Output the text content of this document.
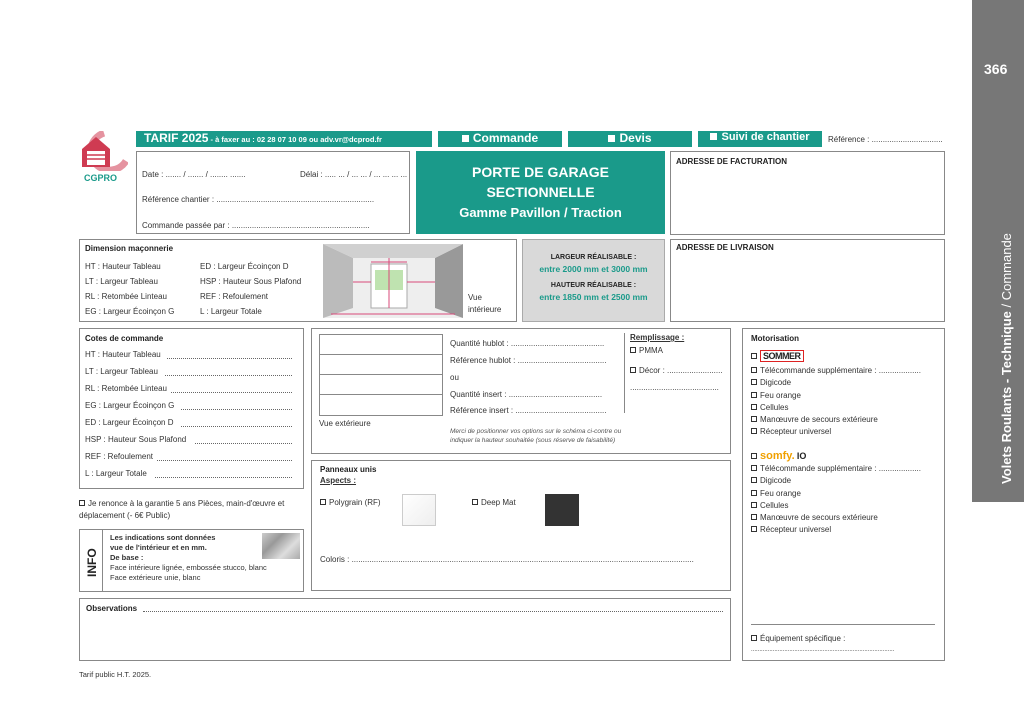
366
Volets Roulants - Technique / Commande
CGPRO
TARIF 2025 - à faxer au : 02 28 07 10 09 ou adv.vr@dcprod.fr	Commande	Devis	Suivi de chantier	Référence : ................................
Date : ....... / ....... / ........ .......	Délai : ..... ... / ... ... / ... ... ... ...
Référence chantier : .......................................................................
Commande passée par : ..............................................................
PORTE DE GARAGE
SECTIONNELLE
Gamme Pavillon / Traction
ADRESSE DE FACTURATION
ADRESSE DE LIVRAISON
Dimension maçonnerie
HT : Hauteur Tableau
LT : Largeur Tableau
RL : Retombée Linteau
EG : Largeur Écoinçon G
ED : Largeur Écoinçon D
HSP : Hauteur Sous Plafond
REF : Refoulement
L : Largeur Totale
Vue
intérieure
LARGEUR RÉALISABLE :
entre 2000 mm et 3000 mm
HAUTEUR RÉALISABLE :
entre 1850 mm et 2500 mm
Cotes de commande
HT : Hauteur Tableau
LT : Largeur Tableau
RL : Retombée Linteau
EG : Largeur Écoinçon G
ED : Largeur Écoinçon D
HSP : Hauteur Sous Plafond
REF : Refoulement
L : Largeur Totale
Je renonce à la garantie 5 ans Pièces, main-d'œuvre et déplacement (- 6€ Public)
INFO
Les indications sont données
vue de l'intérieur et en mm.
De base :
Face intérieure lignée, embossée stucco, blanc
Face extérieure unie, blanc
Vue extérieure
Quantité hublot : ..........................................
Référence hublot : ........................................
ou
Quantité insert : ..........................................
Référence insert : .........................................
Merci de positionner vos options sur le schéma ci-contre ou
indiquer la hauteur souhaitée (sous réserve de faisabilité)
Remplissage :
PMMA
Décor : .........................
........................................
Panneaux unis
Aspects :
Polygrain (RF)	Deep Mat
Coloris : ..........................................................................................................................................................
Motorisation
SOMMER
Télécommande supplémentaire : ...................
Digicode
Feu orange
Cellules
Manœuvre de secours extérieure
Récepteur universel
somfy. IO
Télécommande supplémentaire : ...................
Digicode
Feu orange
Cellules
Manœuvre de secours extérieure
Récepteur universel
Équipement spécifique :
......................................................................................
Observations
Tarif public H.T. 2025.
